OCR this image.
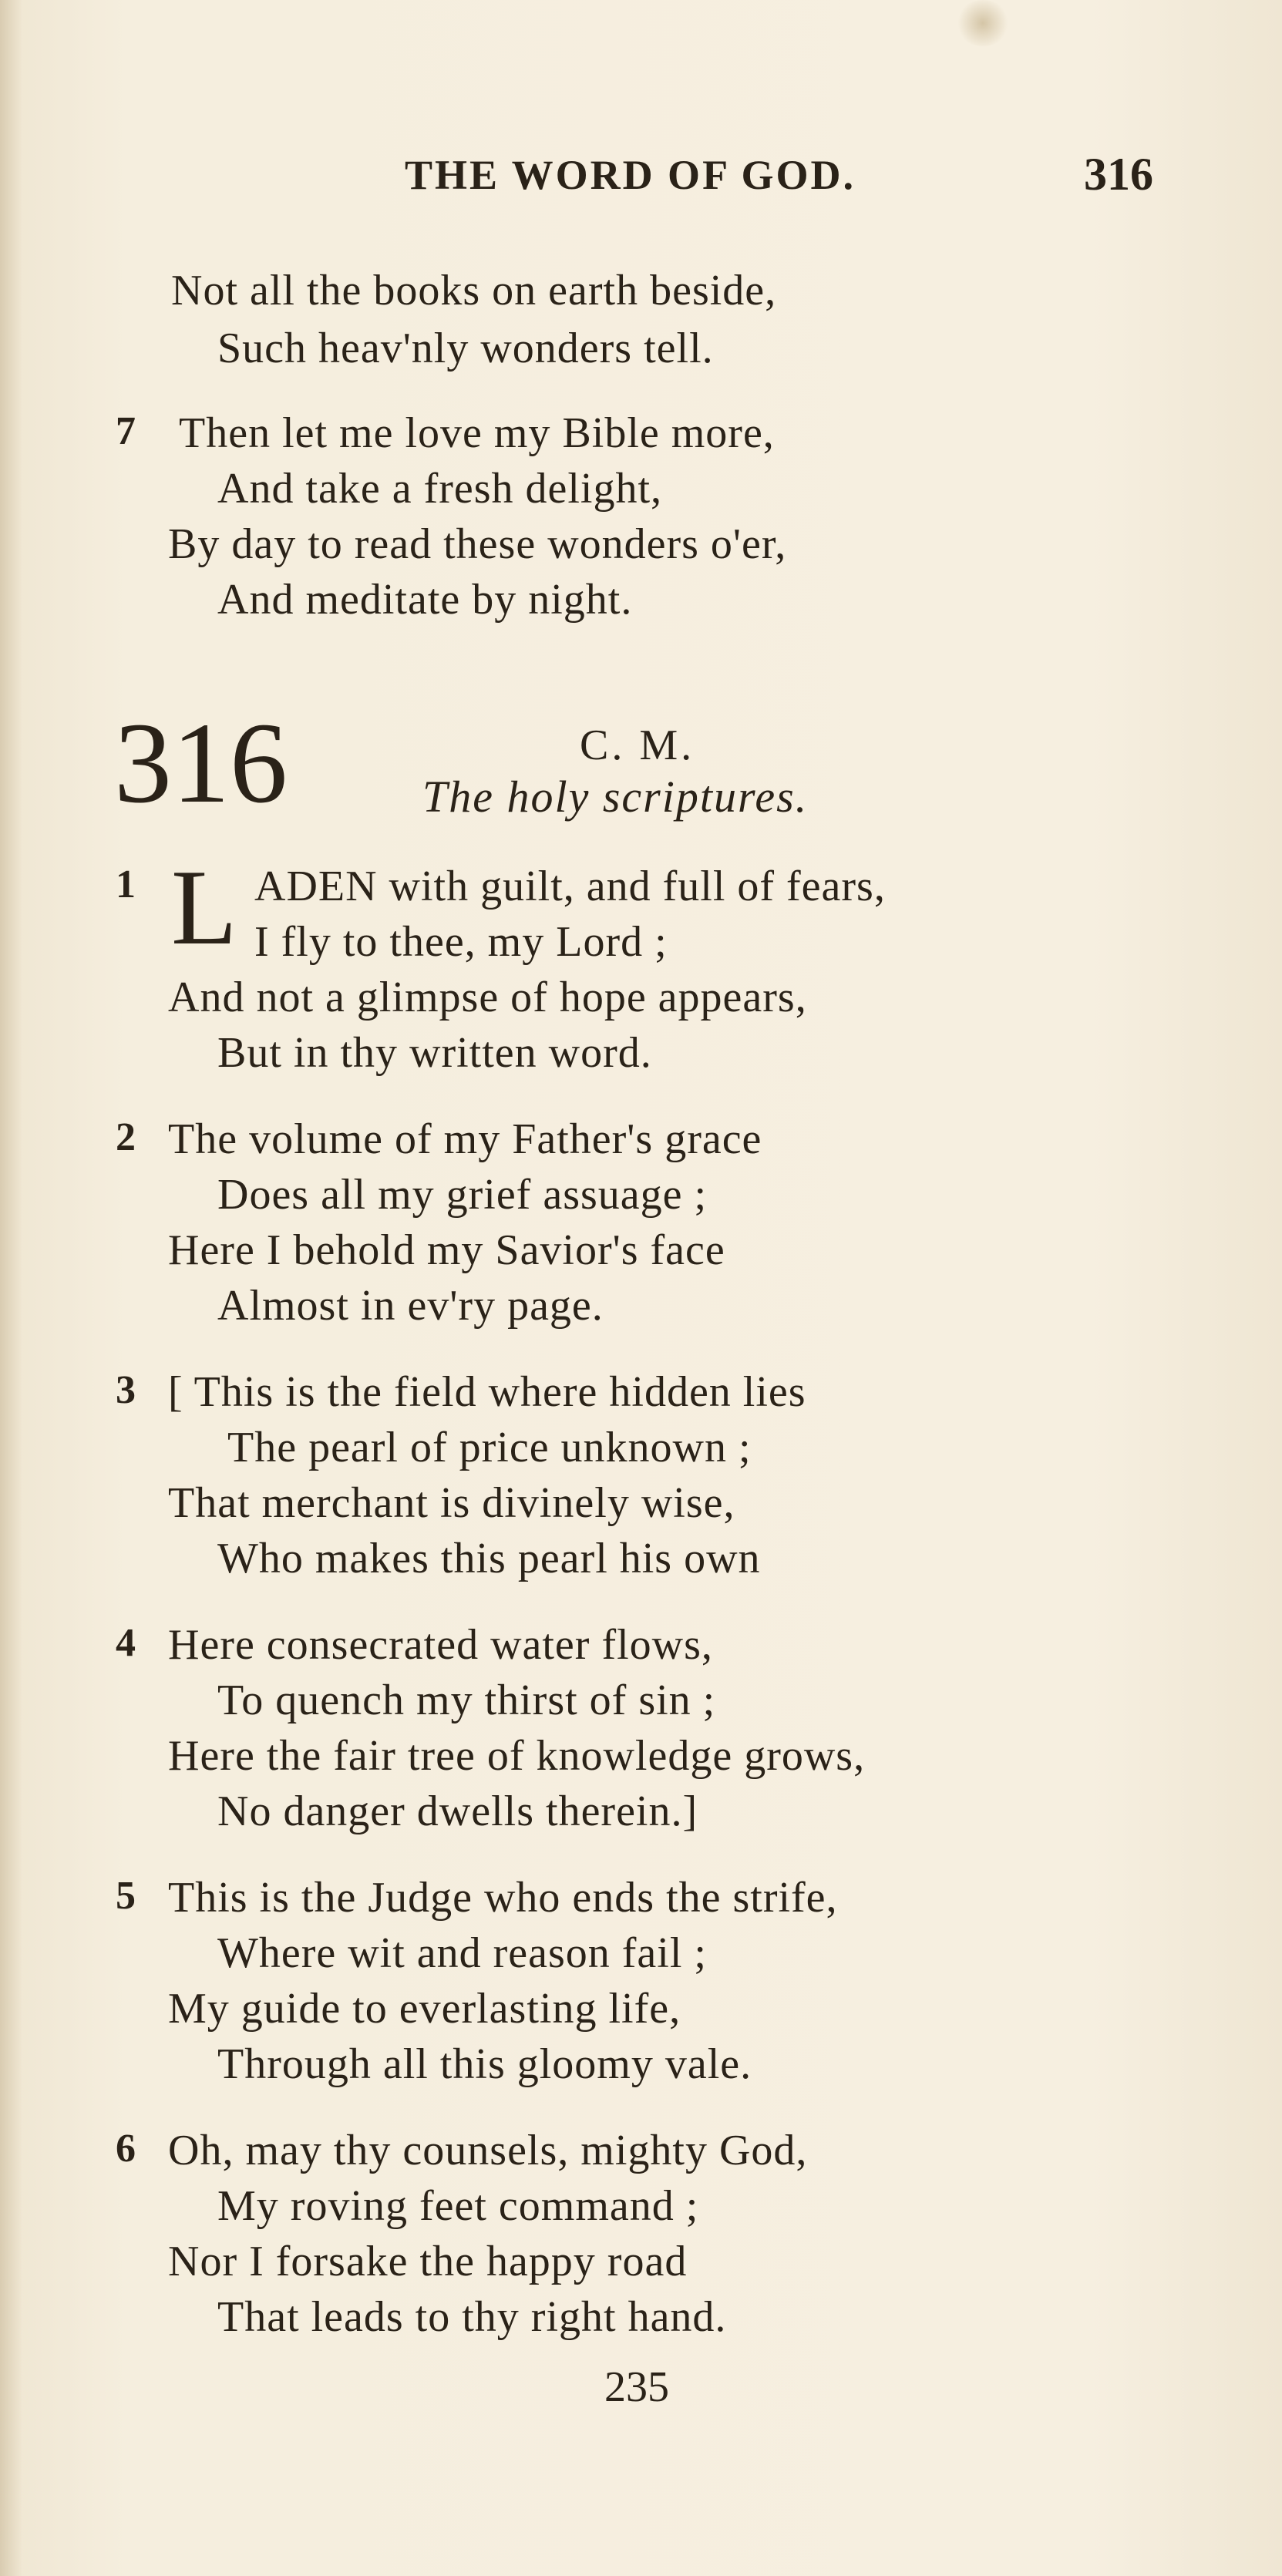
THE WORD OF GOD.	316
Not all the books on earth beside,
Such heav'nly wonders tell.
7 Then let me love my Bible more,
And take a fresh delight,
By day to read these wonders o'er,
And meditate by night.
316	C. M.
The holy scriptures.
1 L ADEN with guilt, and full of fears,
I fly to thee, my Lord ;
And not a glimpse of hope appears,
But in thy written word.
2 The volume of my Father's grace
Does all my grief assuage ;
Here I behold my Savior's face
Almost in ev'ry page.
3 [ This is the field where hidden lies
The pearl of price unknown ;
That merchant is divinely wise,
Who makes this pearl his own
4 Here consecrated water flows,
To quench my thirst of sin ;
Here the fair tree of knowledge grows,
No danger dwells therein.]
5 This is the Judge who ends the strife,
Where wit and reason fail ;
My guide to everlasting life,
Through all this gloomy vale.
6 Oh, may thy counsels, mighty God,
My roving feet command ;
Nor I forsake the happy road
That leads to thy right hand.
235
